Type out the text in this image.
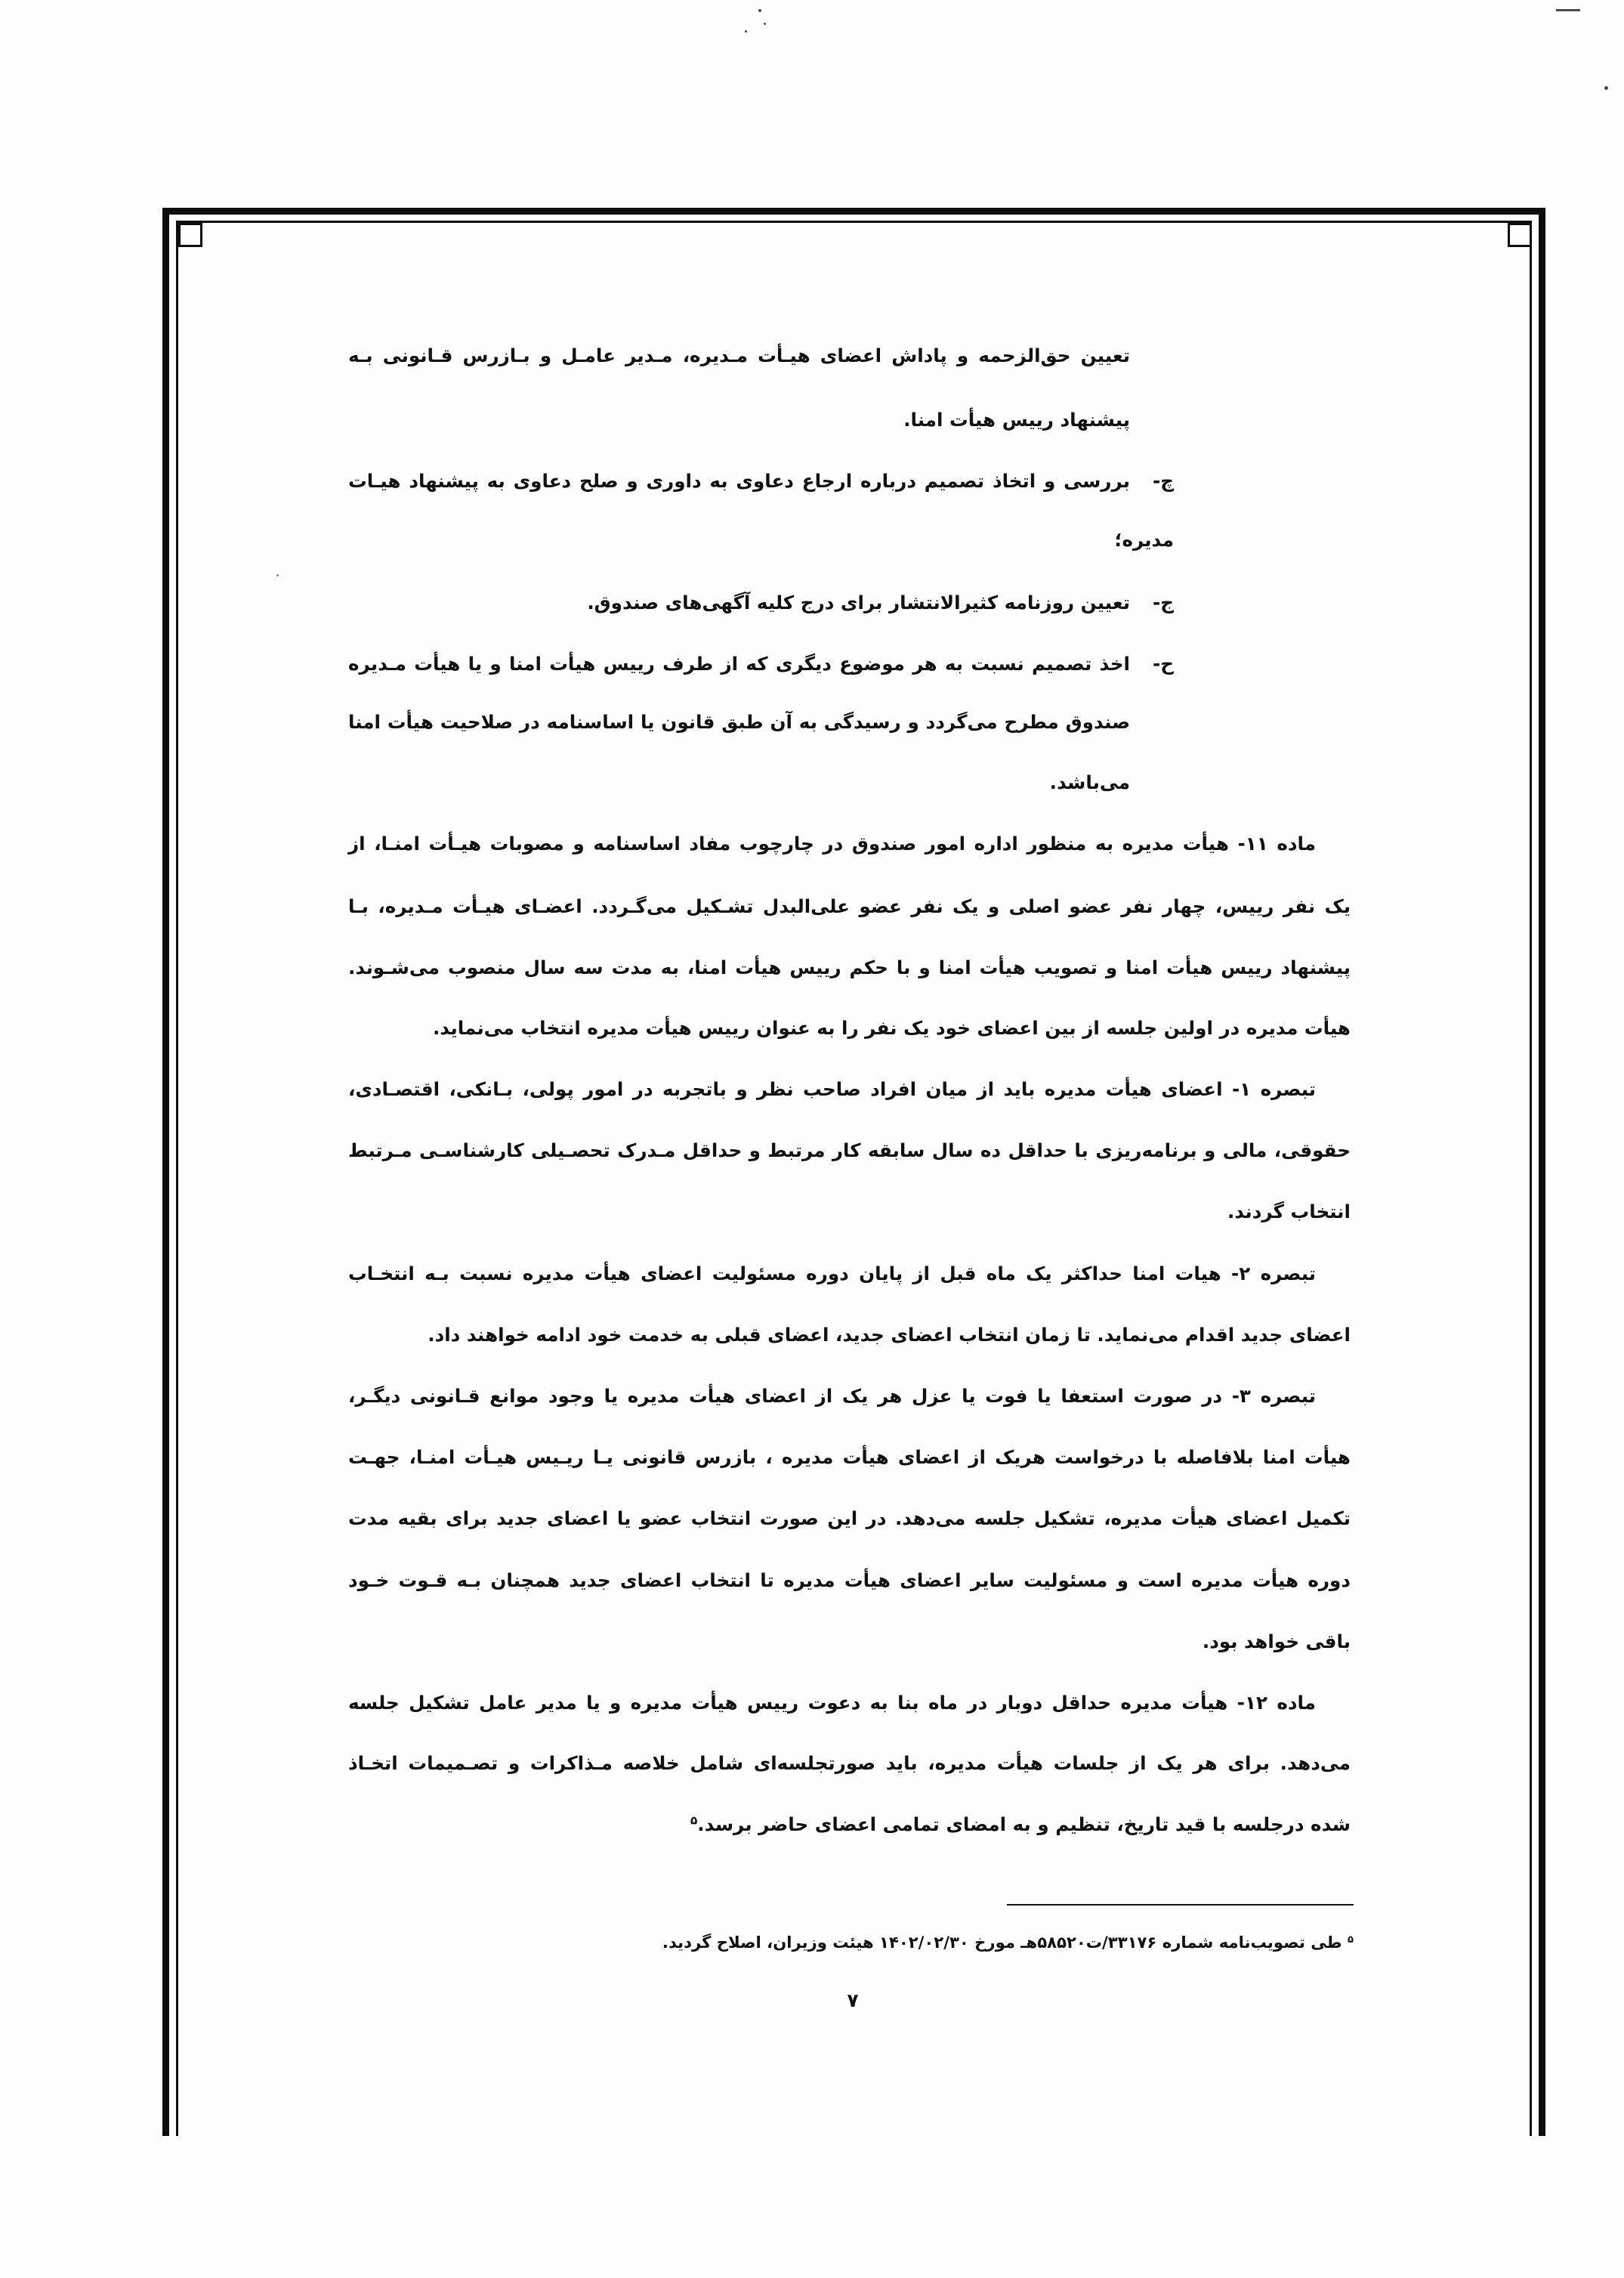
تعیین حق‌الزحمه و پاداش اعضای هیـأت مـدیره، مـدیر عامـل و بـازرس قـانونی بـه
پیشنهاد رییس هیأت امنا.
چ-
بررسی و اتخاذ تصمیم درباره ارجاع دعاوی به داوری و صلح دعاوی به پیشنهاد هیـات
مدیره؛
ج-
تعیین روزنامه کثیرالانتشار برای درج کلیه آگهی‌های صندوق.
ح-
اخذ تصمیم نسبت به هر موضوع دیگری که از طرف رییس هیأت امنا و یا هیأت مـدیره
صندوق مطرح می‌گردد و رسیدگی به آن طبق قانون یا اساسنامه در صلاحیت هیأت امنا
می‌باشد.
ماده ۱۱- هیأت مدیره به منظور اداره امور صندوق در چارچوب مفاد اساسنامه و مصوبات هیـأت امنـا، از
یک نفر رییس، چهار نفر عضو اصلی و یک نفر عضو علی‌البدل تشـکیل می‌گـردد. اعضـای هیـأت مـدیره، بـا
پیشنهاد رییس هیأت امنا و تصویب هیأت امنا و با حکم رییس هیأت امنا، به مدت سه سال منصوب می‌شـوند.
هیأت مدیره در اولین جلسه از بین اعضای خود یک نفر را به عنوان رییس هیأت مدیره انتخاب می‌نماید.
تبصره ۱- اعضای هیأت مدیره باید از میان افراد صاحب نظر و باتجربه در امور پولی، بـانکی، اقتصـادی،
حقوقی، مالی و برنامه‌ریزی با حداقل ده سال سابقه کار مرتبط و حداقل مـدرک تحصـیلی کارشناسـی مـرتبط
انتخاب گردند.
تبصره ۲- هیات امنا حداکثر یک ماه قبل از پایان دوره مسئولیت اعضای هیأت مدیره نسبت بـه انتخـاب
اعضای جدید اقدام می‌نماید. تا زمان انتخاب اعضای جدید، اعضای قبلی به خدمت خود ادامه خواهند داد.
تبصره ۳- در صورت استعفا یا فوت یا عزل هر یک از اعضای هیأت مدیره یا وجود موانع قـانونی دیگـر،
هیأت امنا بلافاصله با درخواست هریک از اعضای هیأت مدیره ، بازرس قانونی یـا ریـیس هیـأت امنـا، جهـت
تکمیل اعضای هیأت مدیره، تشکیل جلسه می‌دهد. در این صورت انتخاب عضو یا اعضای جدید برای بقیه مدت
دوره هیأت مدیره است و مسئولیت سایر اعضای هیأت مدیره تا انتخاب اعضای جدید همچنان بـه قـوت خـود
باقی خواهد بود.
ماده ۱۲- هیأت مدیره حداقل دوبار در ماه بنا به دعوت رییس هیأت مدیره و یا مدیر عامل تشکیل جلسه
می‌دهد. برای هر یک از جلسات هیأت مدیره، باید صورتجلسه‌ای شامل خلاصه مـذاکرات و تصـمیمات اتخـاذ
شده درجلسه با قید تاریخ، تنظیم و به امضای تمامی اعضای حاضر برسد.$^۵$
$^۵$ طی تصویب‌نامه شماره ۳۳۱۷۶/ت۵۸۵۲۰هـ مورخ ۱۴۰۲/۰۲/۳۰ هیئت وزیران، اصلاح گردید.
۷
